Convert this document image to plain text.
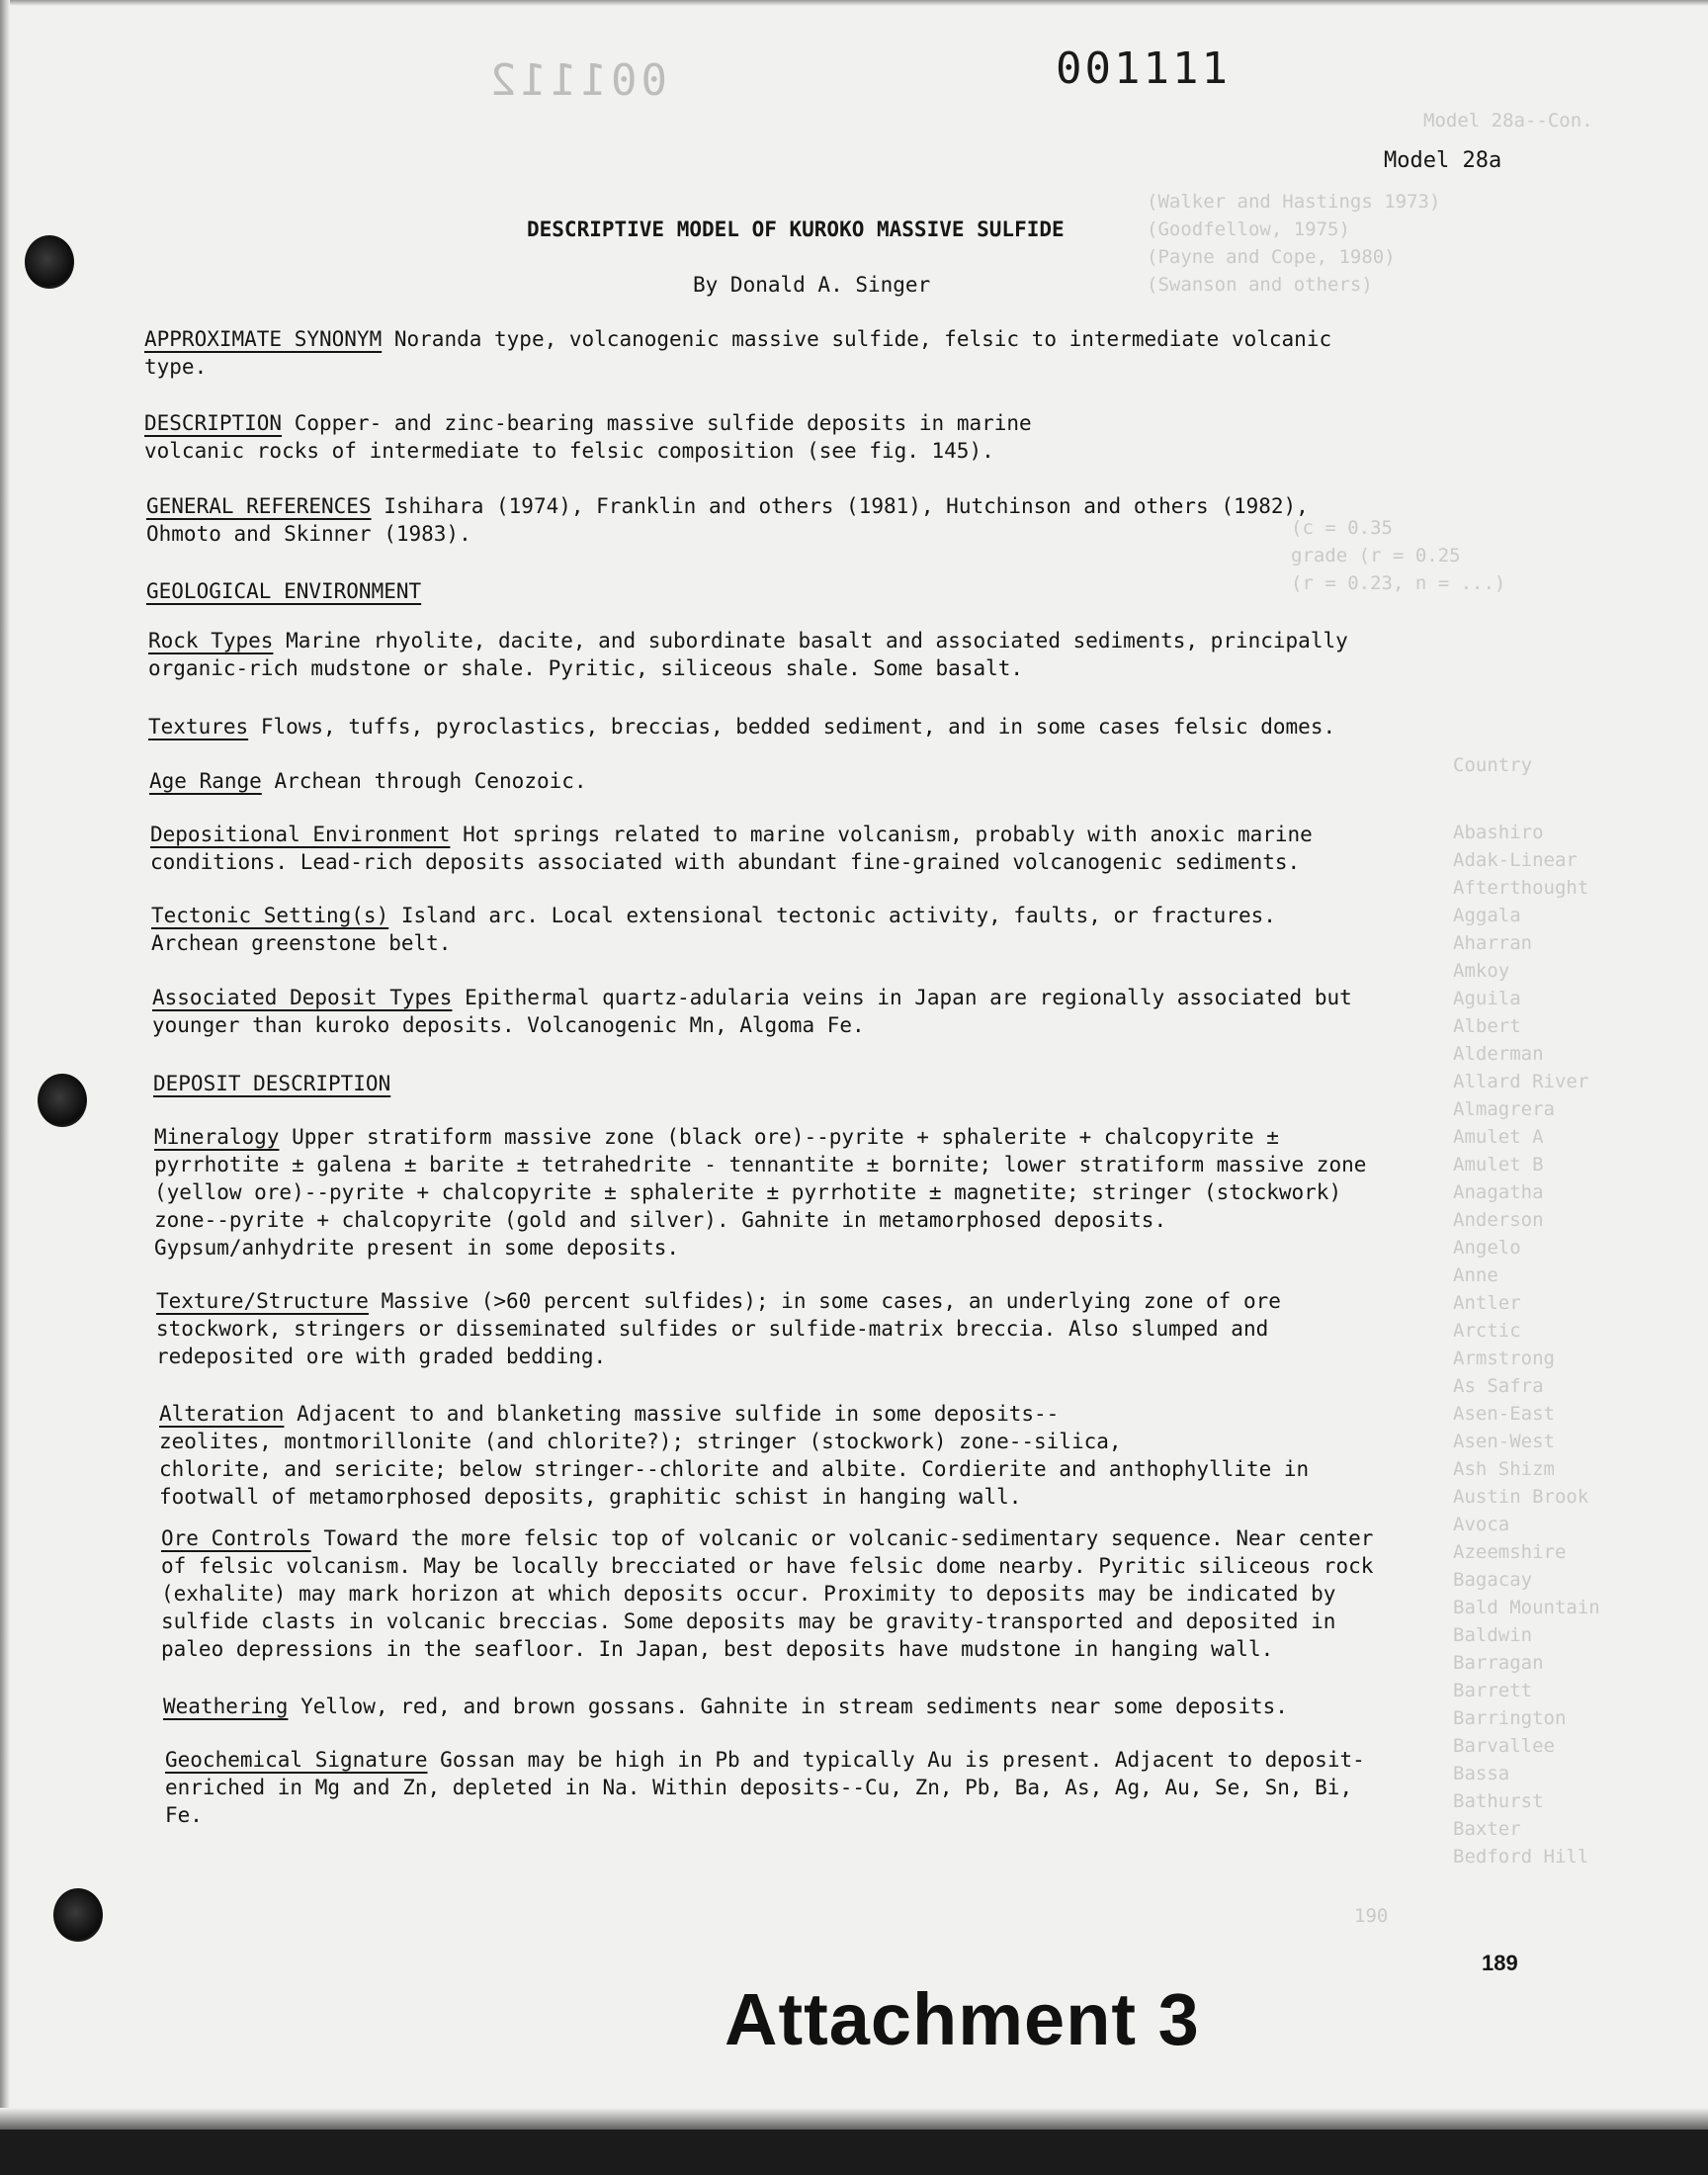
001112
Model 28a--Con.
(Walker and Hastings 1973)
(Goodfellow, 1975)
(Payne and Cope, 1980)
(Swanson and others)
(c = 0.35
grade (r = 0.25
(r = 0.23, n = ...)
Country

Abashiro
Adak-Linear
Afterthought
Aggala
Aharran
Amkoy
Aguila
Albert
Alderman
Allard River
Almagrera
Amulet A
Amulet B
Anagatha
Anderson
Angelo
Anne
Antler
Arctic
Armstrong
As Safra
Asen-East
Asen-West
Ash Shizm
Austin Brook
Avoca
Azeemshire
Bagacay
Bald Mountain
Baldwin
Barragan
Barrett
Barrington
Barvallee
Bassa
Bathurst
Baxter
Bedford Hill
190
001111
Model 28a
DESCRIPTIVE MODEL OF KUROKO MASSIVE SULFIDE
By Donald A. Singer

APPROXIMATE SYNONYM Noranda type, volcanogenic massive sulfide, felsic to intermediate volcanic
type.

DESCRIPTION Copper- and zinc-bearing massive sulfide deposits in marine
volcanic rocks of intermediate to felsic composition (see fig. 145).

GENERAL REFERENCES Ishihara (1974), Franklin and others (1981), Hutchinson and others (1982),
Ohmoto and Skinner (1983).

GEOLOGICAL ENVIRONMENT

Rock Types Marine rhyolite, dacite, and subordinate basalt and associated sediments, principally
organic-rich mudstone or shale. Pyritic, siliceous shale. Some basalt.

Textures Flows, tuffs, pyroclastics, breccias, bedded sediment, and in some cases felsic domes.

Age Range Archean through Cenozoic.

Depositional Environment Hot springs related to marine volcanism, probably with anoxic marine
conditions. Lead-rich deposits associated with abundant fine-grained volcanogenic sediments.

Tectonic Setting(s) Island arc. Local extensional tectonic activity, faults, or fractures.
Archean greenstone belt.

Associated Deposit Types Epithermal quartz-adularia veins in Japan are regionally associated but
younger than kuroko deposits. Volcanogenic Mn, Algoma Fe.

DEPOSIT DESCRIPTION

Mineralogy Upper stratiform massive zone (black ore)--pyrite + sphalerite + chalcopyrite ±
pyrrhotite ± galena ± barite ± tetrahedrite - tennantite ± bornite; lower stratiform massive zone
(yellow ore)--pyrite + chalcopyrite ± sphalerite ± pyrrhotite ± magnetite; stringer (stockwork)
zone--pyrite + chalcopyrite (gold and silver). Gahnite in metamorphosed deposits.
Gypsum/anhydrite present in some deposits.

Texture/Structure Massive (>60 percent sulfides); in some cases, an underlying zone of ore
stockwork, stringers or disseminated sulfides or sulfide-matrix breccia. Also slumped and
redeposited ore with graded bedding.

Alteration Adjacent to and blanketing massive sulfide in some deposits--
zeolites, montmorillonite (and chlorite?); stringer (stockwork) zone--silica,
chlorite, and sericite; below stringer--chlorite and albite. Cordierite and anthophyllite in
footwall of metamorphosed deposits, graphitic schist in hanging wall.

Ore Controls Toward the more felsic top of volcanic or volcanic-sedimentary sequence. Near center
of felsic volcanism. May be locally brecciated or have felsic dome nearby. Pyritic siliceous rock
(exhalite) may mark horizon at which deposits occur. Proximity to deposits may be indicated by
sulfide clasts in volcanic breccias. Some deposits may be gravity-transported and deposited in
paleo depressions in the seafloor. In Japan, best deposits have mudstone in hanging wall.

Weathering Yellow, red, and brown gossans. Gahnite in stream sediments near some deposits.

Geochemical Signature Gossan may be high in Pb and typically Au is present. Adjacent to deposit-
enriched in Mg and Zn, depleted in Na. Within deposits--Cu, Zn, Pb, Ba, As, Ag, Au, Se, Sn, Bi,
Fe.

189
Attachment 3
